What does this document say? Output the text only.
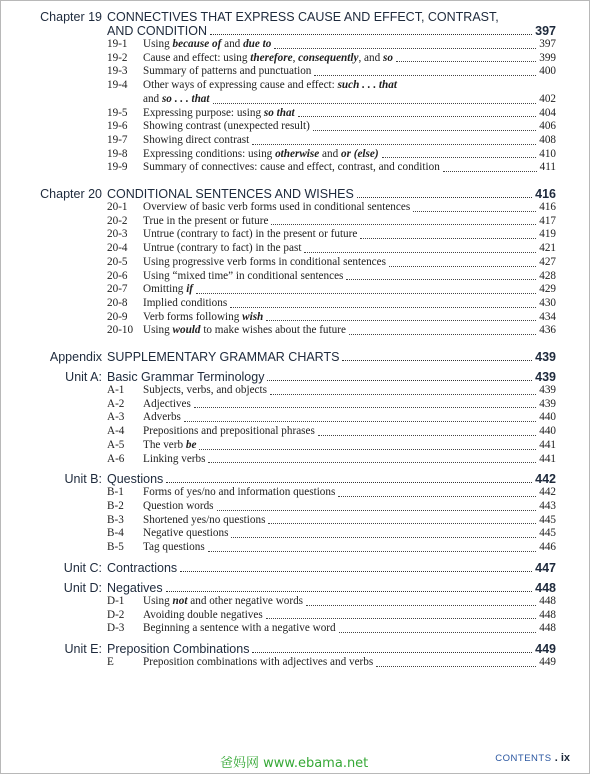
Chapter 19 CONNECTIVES THAT EXPRESS CAUSE AND EFFECT, CONTRAST,
AND CONDITION	397
19-1	Using because of and due to	397
19-2	Cause and effect: using therefore, consequently, and so	399
19-3	Summary of patterns and punctuation	400
19-4	Other ways of expressing cause and effect: such . . . that
and so . . . that	402
19-5	Expressing purpose: using so that	404
19-6	Showing contrast (unexpected result)	406
19-7	Showing direct contrast	408
19-8	Expressing conditions: using otherwise and or (else)	410
19-9	Summary of connectives: cause and effect, contrast, and condition	411
Chapter 20 CONDITIONAL SENTENCES AND WISHES	416
20-1	Overview of basic verb forms used in conditional sentences	416
20-2	True in the present or future	417
20-3	Untrue (contrary to fact) in the present or future	419
20-4	Untrue (contrary to fact) in the past	421
20-5	Using progressive verb forms in conditional sentences	427
20-6	Using “mixed time” in conditional sentences	428
20-7	Omitting if	429
20-8	Implied conditions	430
20-9	Verb forms following wish	434
20-10 Using would to make wishes about the future	436
Appendix SUPPLEMENTARY GRAMMAR CHARTS	439
Unit A: Basic Grammar Terminology	439
A-1	Subjects, verbs, and objects	439
A-2	Adjectives	439
A-3	Adverbs	440
A-4	Prepositions and prepositional phrases	440
A-5	The verb be	441
A-6	Linking verbs	441
Unit B: Questions	442
B-1	Forms of yes/no and information questions	442
B-2	Question words	443
B-3	Shortened yes/no questions	445
B-4	Negative questions	445
B-5	Tag questions	446
Unit C: Contractions	447
Unit D: Negatives	448
D-1	Using not and other negative words	448
D-2	Avoiding double negatives	448
D-3	Beginning a sentence with a negative word	448
Unit E: Preposition Combinations	449
E	Preposition combinations with adjectives and verbs	449
爸妈网 www.ebama.net	CONTENTS . ix
